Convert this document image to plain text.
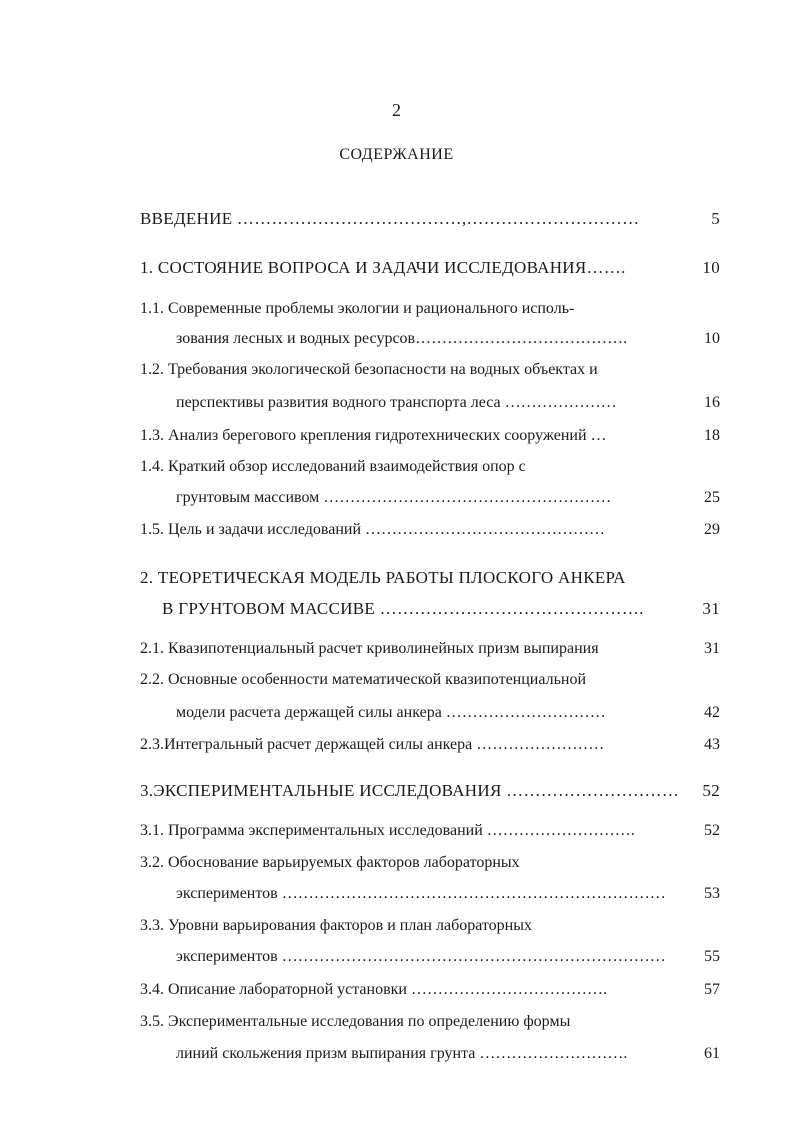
2
СОДЕРЖАНИЕ
ВВЕДЕНИЕ …………………………………,…………………………	5
1. СОСТОЯНИЕ ВОПРОСА И ЗАДАЧИ ИССЛЕДОВАНИЯ…….	10
1.1. Современные проблемы экологии и рационального исполь-
зования лесных и водных ресурсов………………………………….	10
1.2. Требования экологической безопасности на водных объектах и
перспективы развития водного транспорта леса …………………	16
1.3. Анализ берегового крепления гидротехнических сооружений …	18
1.4. Краткий обзор исследований взаимодействия опор с
грунтовым массивом ………………………………………………	25
1.5. Цель и задачи исследований ………………………………………	29
2. ТЕОРЕТИЧЕСКАЯ МОДЕЛЬ РАБОТЫ ПЛОСКОГО АНКЕРА
В ГРУНТОВОМ МАССИВЕ ……………………………………….	31
2.1. Квазипотенциальный расчет криволинейных призм выпирания	31
2.2. Основные особенности математической квазипотенциальной
модели расчета держащей силы анкера …………………………	42
2.3.Интегральный расчет держащей силы анкера ……………………	43
3.ЭКСПЕРИМЕНТАЛЬНЫЕ ИССЛЕДОВАНИЯ …………………………	52
3.1. Программа экспериментальных исследований ……………………….	52
3.2. Обоснование варьируемых факторов лабораторных
экспериментов ………………………………………………………………	53
3.3. Уровни варьирования факторов и план лабораторных
экспериментов ………………………………………………………………	55
3.4. Описание лабораторной установки ……………………………….	57
3.5. Экспериментальные исследования по определению формы
линий скольжения призм выпирания грунта ……………………….	61
